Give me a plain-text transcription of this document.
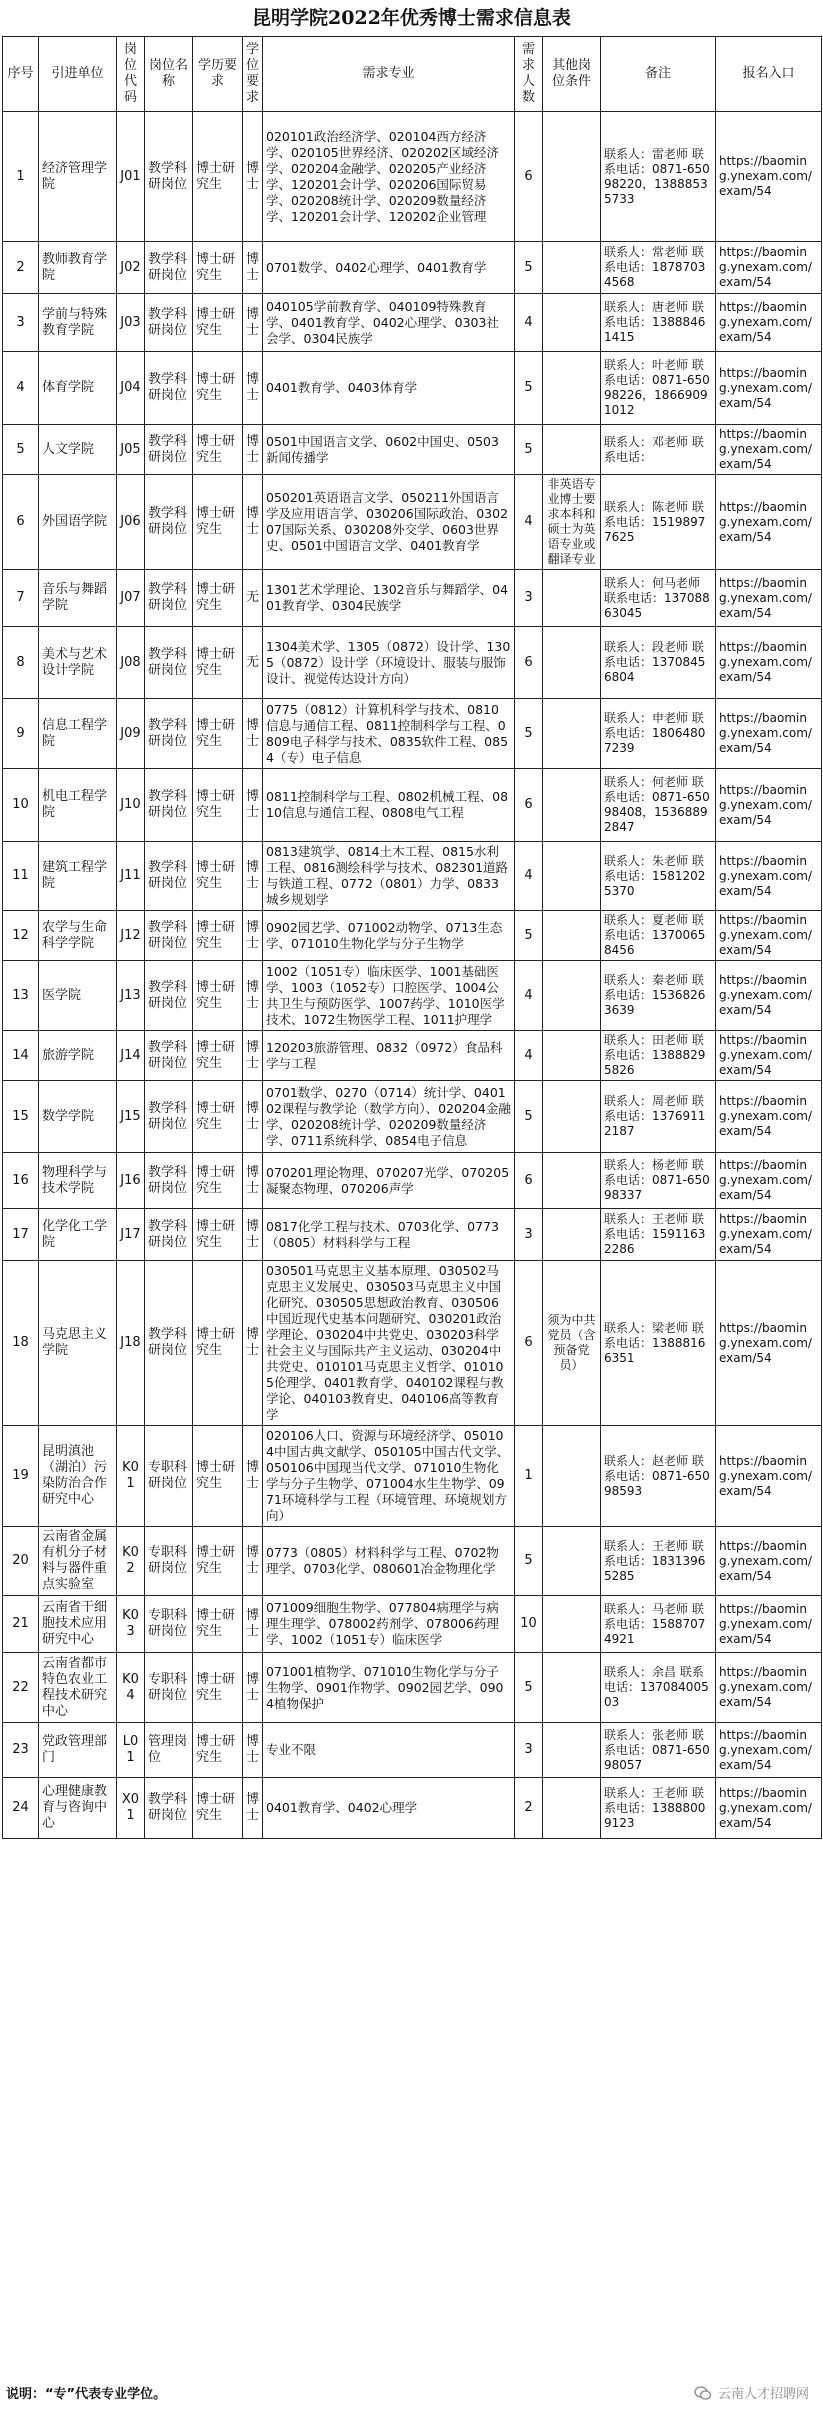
昆明学院2022年优秀博士需求信息表
序号	引进单位	岗位代码	岗位名称	学历要求	学位要求	需求专业	需求人数	其他岗位条件	备注	报名入口
1	经济管理学院	J01	教学科研岗位	博士研究生	博士	020101政治经济学、020104西方经济学、020105世界经济、020202区域经济学、020204金融学、020205产业经济学、120201会计学、020206国际贸易学、020208统计学、020209数量经济学、120201会计学、120202企业管理	6		联系人：雷老师 联系电话：0871-65098220，13888535733	https://baoming.ynexam.com/exam/54
2	教师教育学院	J02	教学科研岗位	博士研究生	博士	0701数学、0402心理学、0401教育学	5		联系人：常老师 联系电话：18787034568	https://baoming.ynexam.com/exam/54
3	学前与特殊教育学院	J03	教学科研岗位	博士研究生	博士	040105学前教育学、040109特殊教育学、0401教育学、0402心理学、0303社会学、0304民族学	4		联系人：唐老师 联系电话：13888461415	https://baoming.ynexam.com/exam/54
4	体育学院	J04	教学科研岗位	博士研究生	博士	0401教育学、0403体育学	5		联系人：叶老师 联系电话：0871-65098226，18669091012	https://baoming.ynexam.com/exam/54
5	人文学院	J05	教学科研岗位	博士研究生	博士	0501中国语言文学、0602中国史、0503新闻传播学	5		联系人：邓老师 联系电话：	https://baoming.ynexam.com/exam/54
6	外国语学院	J06	教学科研岗位	博士研究生	博士	050201英语语言文学、050211外国语言学及应用语言学、030206国际政治、030207国际关系、030208外交学、0603世界史、0501中国语言文学、0401教育学	4	非英语专业博士要求本科和硕士为英语专业或翻译专业	联系人：陈老师 联系电话：15198977625	https://baoming.ynexam.com/exam/54
7	音乐与舞蹈学院	J07	教学科研岗位	博士研究生	无	1301艺术学理论、1302音乐与舞蹈学、0401教育学、0304民族学	3		联系人：何马老师 联系电话：13708863045	https://baoming.ynexam.com/exam/54
8	美术与艺术设计学院	J08	教学科研岗位	博士研究生	无	1304美术学、1305（0872）设计学、1305（0872）设计学（环境设计、服装与服饰设计、视觉传达设计方向）	6		联系人：段老师 联系电话：13708456804	https://baoming.ynexam.com/exam/54
9	信息工程学院	J09	教学科研岗位	博士研究生	博士	0775（0812）计算机科学与技术、0810信息与通信工程、0811控制科学与工程、0809电子科学与技术、0835软件工程、0854（专）电子信息	5		联系人：申老师 联系电话：18064807239	https://baoming.ynexam.com/exam/54
10	机电工程学院	J10	教学科研岗位	博士研究生	博士	0811控制科学与工程、0802机械工程、0810信息与通信工程、0808电气工程	6		联系人：何老师 联系电话：0871-65098408，15368892847	https://baoming.ynexam.com/exam/54
11	建筑工程学院	J11	教学科研岗位	博士研究生	博士	0813建筑学、0814土木工程、0815水利工程、0816测绘科学与技术、082301道路与铁道工程、0772（0801）力学、0833城乡规划学	4		联系人：朱老师 联系电话：15812025370	https://baoming.ynexam.com/exam/54
12	农学与生命科学学院	J12	教学科研岗位	博士研究生	博士	0902园艺学、071002动物学、0713生态学、071010生物化学与分子生物学	5		联系人：夏老师 联系电话：13700658456	https://baoming.ynexam.com/exam/54
13	医学院	J13	教学科研岗位	博士研究生	博士	1002（1051专）临床医学、1001基础医学、1003（1052专）口腔医学、1004公共卫生与预防医学、1007药学、1010医学技术、1072生物医学工程、1011护理学	4		联系人：秦老师 联系电话：15368263639	https://baoming.ynexam.com/exam/54
14	旅游学院	J14	教学科研岗位	博士研究生	博士	120203旅游管理、0832（0972）食品科学与工程	4		联系人：田老师 联系电话：13888295826	https://baoming.ynexam.com/exam/54
15	数学学院	J15	教学科研岗位	博士研究生	博士	0701数学、0270（0714）统计学、040102课程与教学论（数学方向）、020204金融学、020208统计学、020209数量经济学、0711系统科学、0854电子信息	5		联系人：周老师 联系电话：13769112187	https://baoming.ynexam.com/exam/54
16	物理科学与技术学院	J16	教学科研岗位	博士研究生	博士	070201理论物理、070207光学、070205凝聚态物理、070206声学	6		联系人：杨老师 联系电话：0871-65098337	https://baoming.ynexam.com/exam/54
17	化学化工学院	J17	教学科研岗位	博士研究生	博士	0817化学工程与技术、0703化学、0773（0805）材料科学与工程	3		联系人：王老师 联系电话：15911632286	https://baoming.ynexam.com/exam/54
18	马克思主义学院	J18	教学科研岗位	博士研究生	博士	030501马克思主义基本原理、030502马克思主义发展史、030503马克思主义中国化研究、030505思想政治教育、030506中国近现代史基本问题研究、030201政治学理论、030204中共党史、030203科学社会主义与国际共产主义运动、030204中共党史、010101马克思主义哲学、010105伦理学、0401教育学、040102课程与教学论、040103教育史、040106高等教育学	6	须为中共党员（含预备党员）	联系人：梁老师 联系电话：13888166351	https://baoming.ynexam.com/exam/54
19	昆明滇池（湖泊）污染防治合作研究中心	K01	专职科研岗位	博士研究生	博士	020106人口、资源与环境经济学、050104中国古典文献学、050105中国古代文学、050106中国现当代文学、071010生物化学与分子生物学、071004水生生物学、0971环境科学与工程（环境管理、环境规划方向）	1		联系人：赵老师 联系电话：0871-65098593	https://baoming.ynexam.com/exam/54
20	云南省金属有机分子材料与器件重点实验室	K02	专职科研岗位	博士研究生	博士	0773（0805）材料科学与工程、0702物理学、0703化学、080601冶金物理化学	5		联系人：王老师 联系电话：18313965285	https://baoming.ynexam.com/exam/54
21	云南省干细胞技术应用研究中心	K03	专职科研岗位	博士研究生	博士	071009细胞生物学、077804病理学与病理生理学、078002药剂学、078006药理学、1002（1051专）临床医学	10		联系人：马老师 联系电话：15887074921	https://baoming.ynexam.com/exam/54
22	云南省都市特色农业工程技术研究中心	K04	专职科研岗位	博士研究生	博士	071001植物学、071010生物化学与分子生物学、0901作物学、0902园艺学、0904植物保护	5		联系人：余昌 联系电话：13708400503	https://baoming.ynexam.com/exam/54
23	党政管理部门	L01	管理岗位	博士研究生	博士	专业不限	3		联系人：张老师 联系电话：0871-65098057	https://baoming.ynexam.com/exam/54
24	心理健康教育与咨询中心	X01	教学科研岗位	博士研究生	博士	0401教育学、0402心理学	2		联系人：王老师 联系电话：13888009123	https://baoming.ynexam.com/exam/54
说明：“专”代表专业学位。	云南人才招聘网
